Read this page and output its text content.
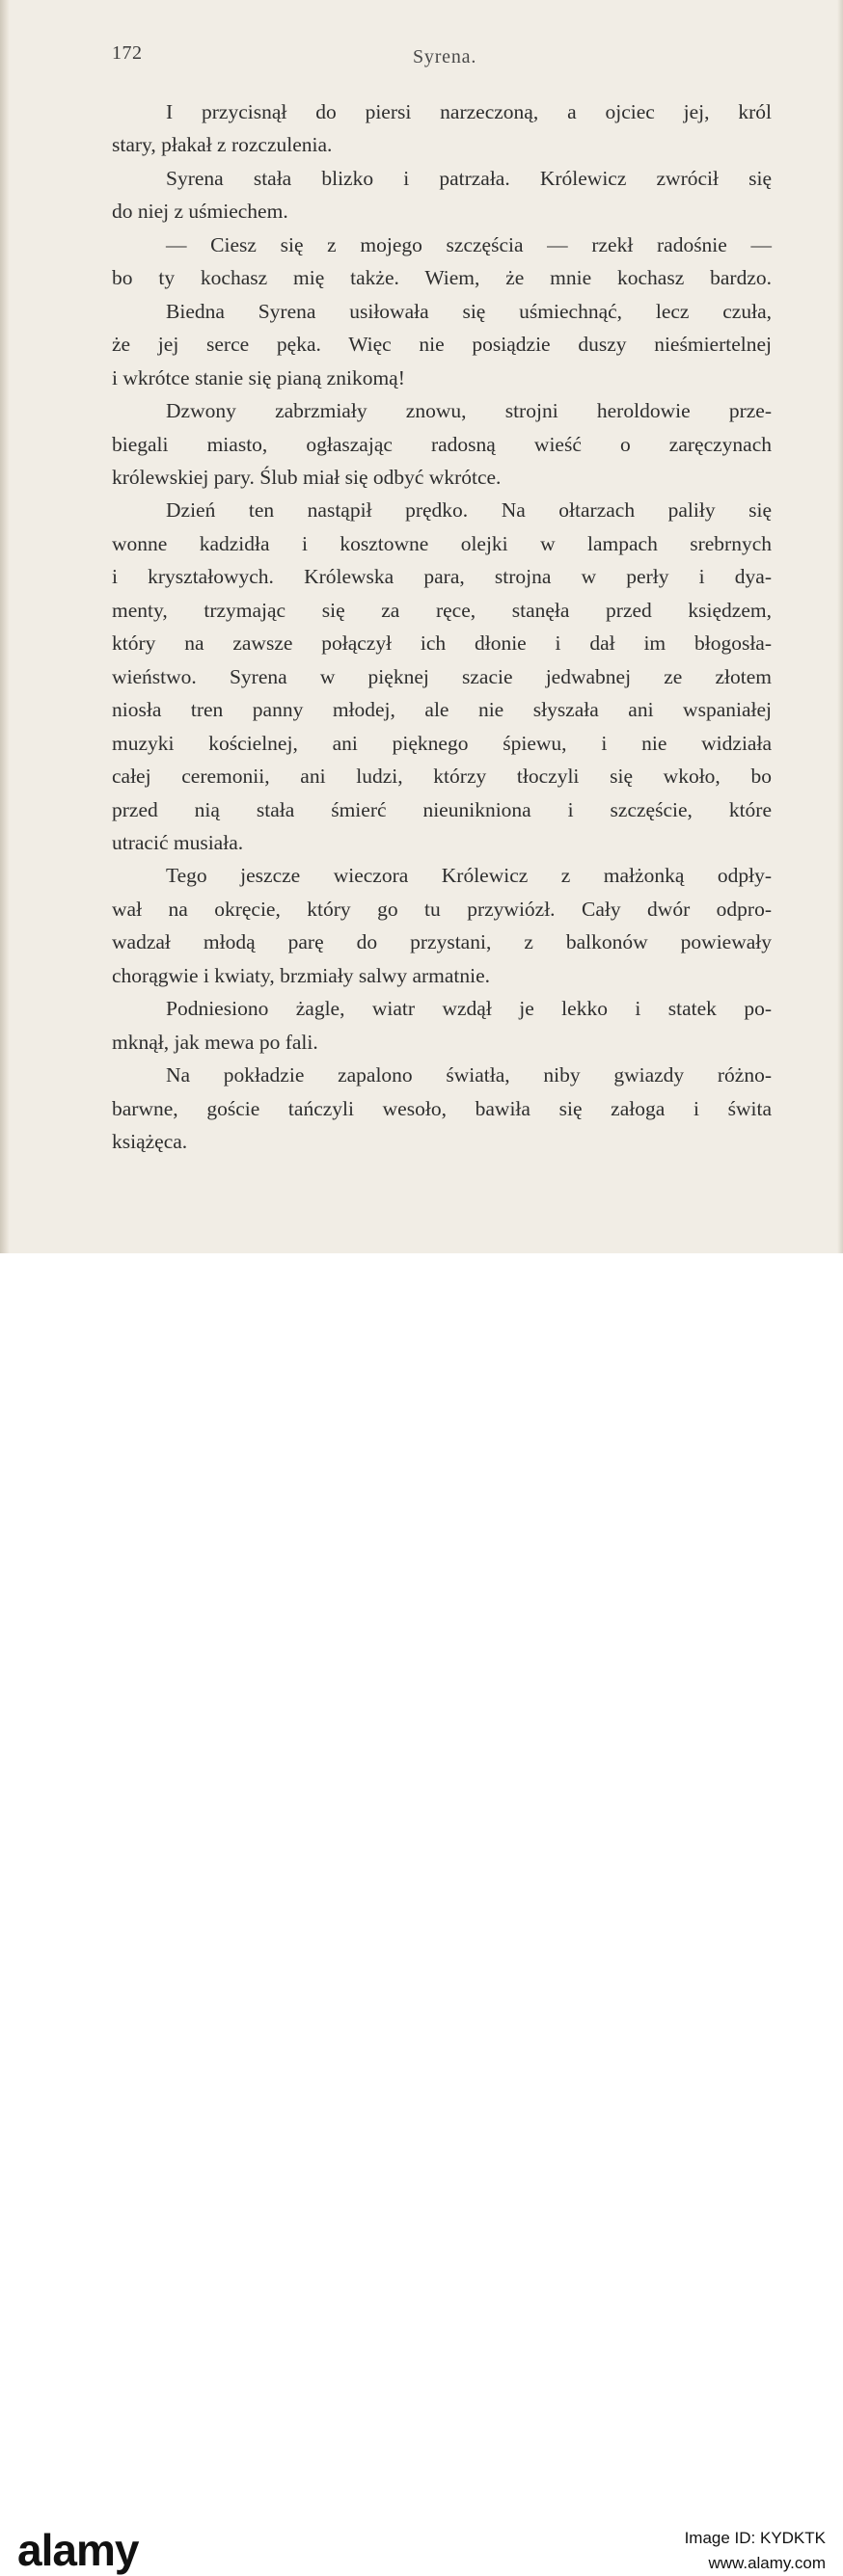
172	Syrena.
I przycisnął do piersi narzeczoną, a ojciec jej, król
stary, płakał z rozczulenia.
Syrena stała blizko i patrzała. Królewicz zwrócił się
do niej z uśmiechem.
— Ciesz się z mojego szczęścia — rzekł radośnie —
bo ty kochasz mię także. Wiem, że mnie kochasz bardzo.
Biedna Syrena usiłowała się uśmiechnąć, lecz czuła,
że jej serce pęka. Więc nie posiądzie duszy nieśmiertelnej
i wkrótce stanie się pianą znikomą!
Dzwony zabrzmiały znowu, strojni heroldowie prze-
biegali miasto, ogłaszając radosną wieść o zaręczynach
królewskiej pary. Ślub miał się odbyć wkrótce.
Dzień ten nastąpił prędko. Na ołtarzach paliły się
wonne kadzidła i kosztowne olejki w lampach srebrnych
i kryształowych. Królewska para, strojna w perły i dya-
menty, trzymając się za ręce, stanęła przed księdzem,
który na zawsze połączył ich dłonie i dał im błogosła-
wieństwo. Syrena w pięknej szacie jedwabnej ze złotem
niosła tren panny młodej, ale nie słyszała ani wspaniałej
muzyki kościelnej, ani pięknego śpiewu, i nie widziała
całej ceremonii, ani ludzi, którzy tłoczyli się wkoło, bo
przed nią stała śmierć nieunikniona i szczęście, które
utracić musiała.
Tego jeszcze wieczora Królewicz z małżonką odpły-
wał na okręcie, który go tu przywiózł. Cały dwór odpro-
wadzał młodą parę do przystani, z balkonów powiewały
chorągwie i kwiaty, brzmiały salwy armatnie.
Podniesiono żagle, wiatr wzdął je lekko i statek po-
mknął, jak mewa po fali.
Na pokładzie zapalono światła, niby gwiazdy różno-
barwne, goście tańczyli wesoło, bawiła się załoga i świta
książęca.
alamy	Image ID: KYDKTK
www.alamy.com
